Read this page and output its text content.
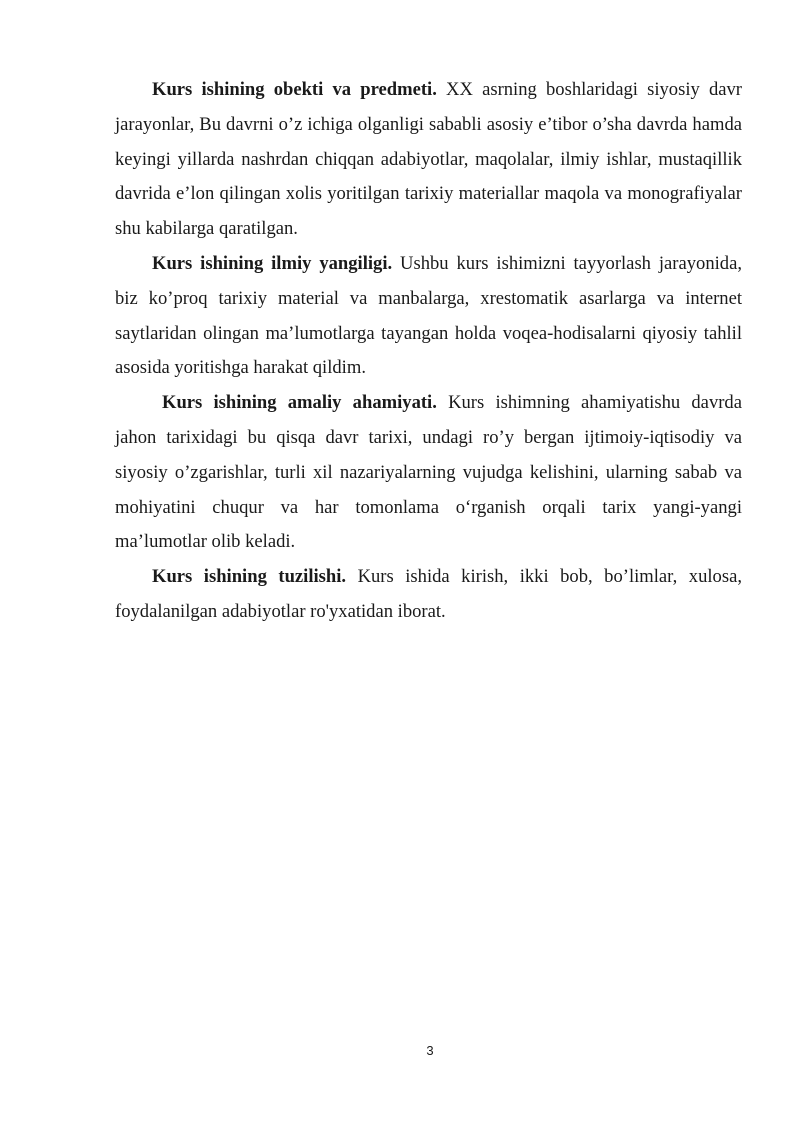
Kurs ishining obekti va predmeti. XX asrning boshlaridagi siyosiy davr jarayonlar, Bu davrni o’z ichiga olganligi sababli asosiy e’tibor o’sha davrda hamda keyingi yillarda nashrdan chiqqan adabiyotlar, maqolalar, ilmiy ishlar, mustaqillik davrida e’lon qilingan xolis yoritilgan tarixiy materiallar maqola va monografiyalar shu kabilarga qaratilgan.

Kurs ishining ilmiy yangiligi. Ushbu kurs ishimizni tayyorlash jarayonida, biz ko’proq tarixiy material va manbalarga, xrestomatik asarlarga va internet saytlaridan olingan ma’lumotlarga tayangan holda voqea-hodisalarni qiyosiy tahlil asosida yoritishga harakat qildim.

Kurs ishining amaliy ahamiyati. Kurs ishimning ahamiyatishu davrda jahon tarixidagi bu qisqa davr tarixi, undagi ro’y bergan ijtimoiy-iqtisodiy va siyosiy o’zgarishlar, turli xil nazariyalarning vujudga kelishini, ularning sabab va mohiyatini chuqur va har tomonlama o‘rganish orqali tarix yangi-yangi ma’lumotlar olib keladi.

Kurs ishining tuzilishi. Kurs ishida kirish, ikki bob, bo’limlar, xulosa, foydalanilgan adabiyotlar ro'yxatidan iborat.

3
